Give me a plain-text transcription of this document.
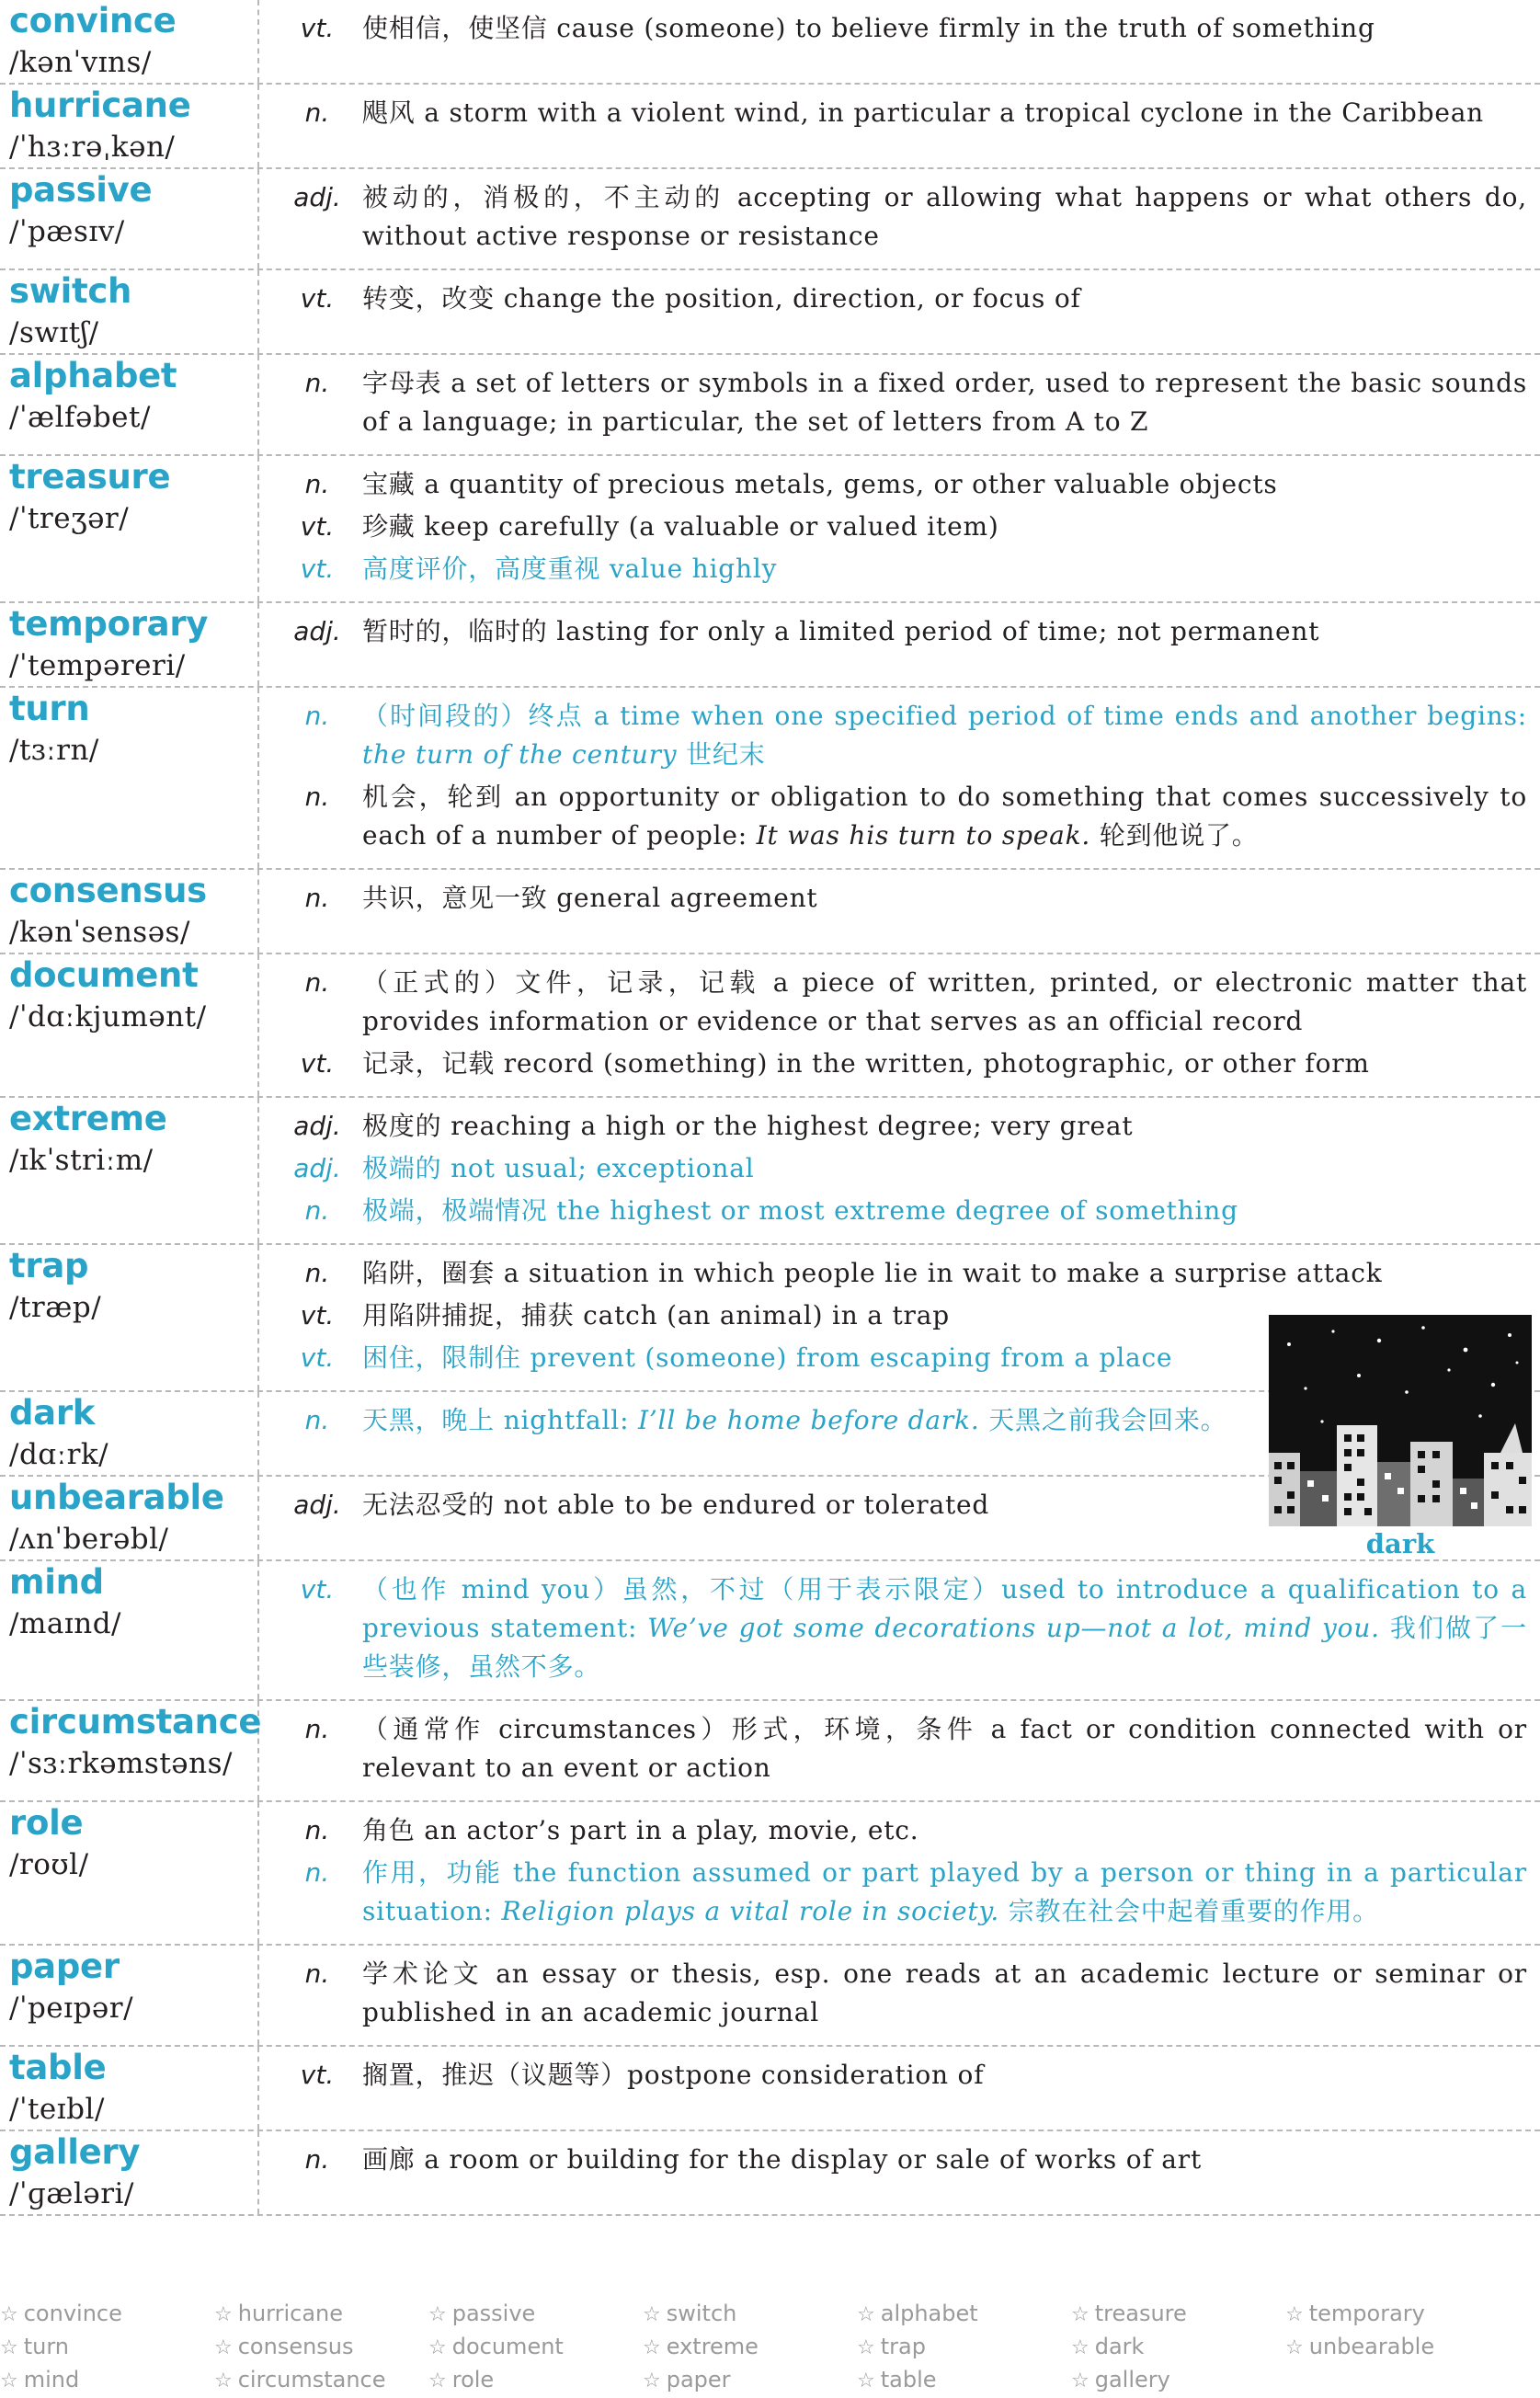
convince
/kənˈvɪns/
vt.	使相信，使坚信 cause (someone) to believe firmly in the truth of something
hurricane
/ˈhɜːrəˌkən/
n.	飓风 a storm with a violent wind, in particular a tropical cyclone in the Caribbean
passive
/ˈpæsɪv/
adj. 被动的，消极的，不主动的 accepting or allowing what happens or what others do, without active response or resistance
switch
/swɪtʃ/
vt.	转变，改变 change the position, direction, or focus of
alphabet
/ˈælfəbet/
n.	字母表 a set of letters or symbols in a fixed order, used to represent the basic sounds of a language; in particular, the set of letters from A to Z
treasure
/ˈtreʒər/
n.	宝藏 a quantity of precious metals, gems, or other valuable objects
vt.	珍藏 keep carefully (a valuable or valued item)
vt.	高度评价，高度重视 value highly
temporary
/ˈtempəreri/
adj. 暂时的，临时的 lasting for only a limited period of time; not permanent
turn
/tɜːrn/
n.	（时间段的）终点 a time when one specified period of time ends and another begins: the turn of the century 世纪末
n.	机会，轮到 an opportunity or obligation to do something that comes successively to each of a number of people: It was his turn to speak. 轮到他说了。
consensus
/kənˈsensəs/
n.	共识，意见一致 general agreement
document
/ˈdɑːkjumənt/
n.	（正式的）文件，记录，记载 a piece of written, printed, or electronic matter that provides information or evidence or that serves as an official record
vt.	记录，记载 record (something) in the written, photographic, or other form
extreme
/ɪkˈstriːm/
adj. 极度的 reaching a high or the highest degree; very great
adj. 极端的 not usual; exceptional
n.	极端，极端情况 the highest or most extreme degree of something
trap
/træp/
n.	陷阱，圈套 a situation in which people lie in wait to make a surprise attack
vt.	用陷阱捕捉，捕获 catch (an animal) in a trap
vt.	困住，限制住 prevent (someone) from escaping from a place
dark
/dɑːrk/
n.	天黑，晚上 nightfall: I’ll be home before dark. 天黑之前我会回来。
unbearable
/ʌnˈberəbl/
adj. 无法忍受的 not able to be endured or tolerated
mind
/maɪnd/
vt.	（也作 mind you）虽然，不过（用于表示限定）used to introduce a qualification to a previous statement: We’ve got some decorations up—not a lot, mind you. 我们做了一些装修，虽然不多。
circumstance
/ˈsɜːrkəmstəns/
n.	（通常作 circumstances）形式，环境，条件 a fact or condition connected with or relevant to an event or action
role
/roʊl/
n.	角色 an actor’s part in a play, movie, etc.
n.	作用，功能 the function assumed or part played by a person or thing in a particular situation: Religion plays a vital role in society. 宗教在社会中起着重要的作用。
paper
/ˈpeɪpər/
n.	学术论文 an essay or thesis, esp. one reads at an academic lecture or seminar or published in an academic journal
table
/ˈteɪbl/
vt.	搁置，推迟（议题等）postpone consideration of
gallery
/ˈɡæləri/
n.	画廊 a room or building for the display or sale of works of art
dark
☆ convince	☆ hurricane	☆ passive	☆ switch	☆ alphabet	☆ treasure	☆ temporary
☆ turn	☆ consensus	☆ document	☆ extreme	☆ trap	☆ dark	☆ unbearable
☆ mind	☆ circumstance	☆ role	☆ paper	☆ table	☆ gallery
